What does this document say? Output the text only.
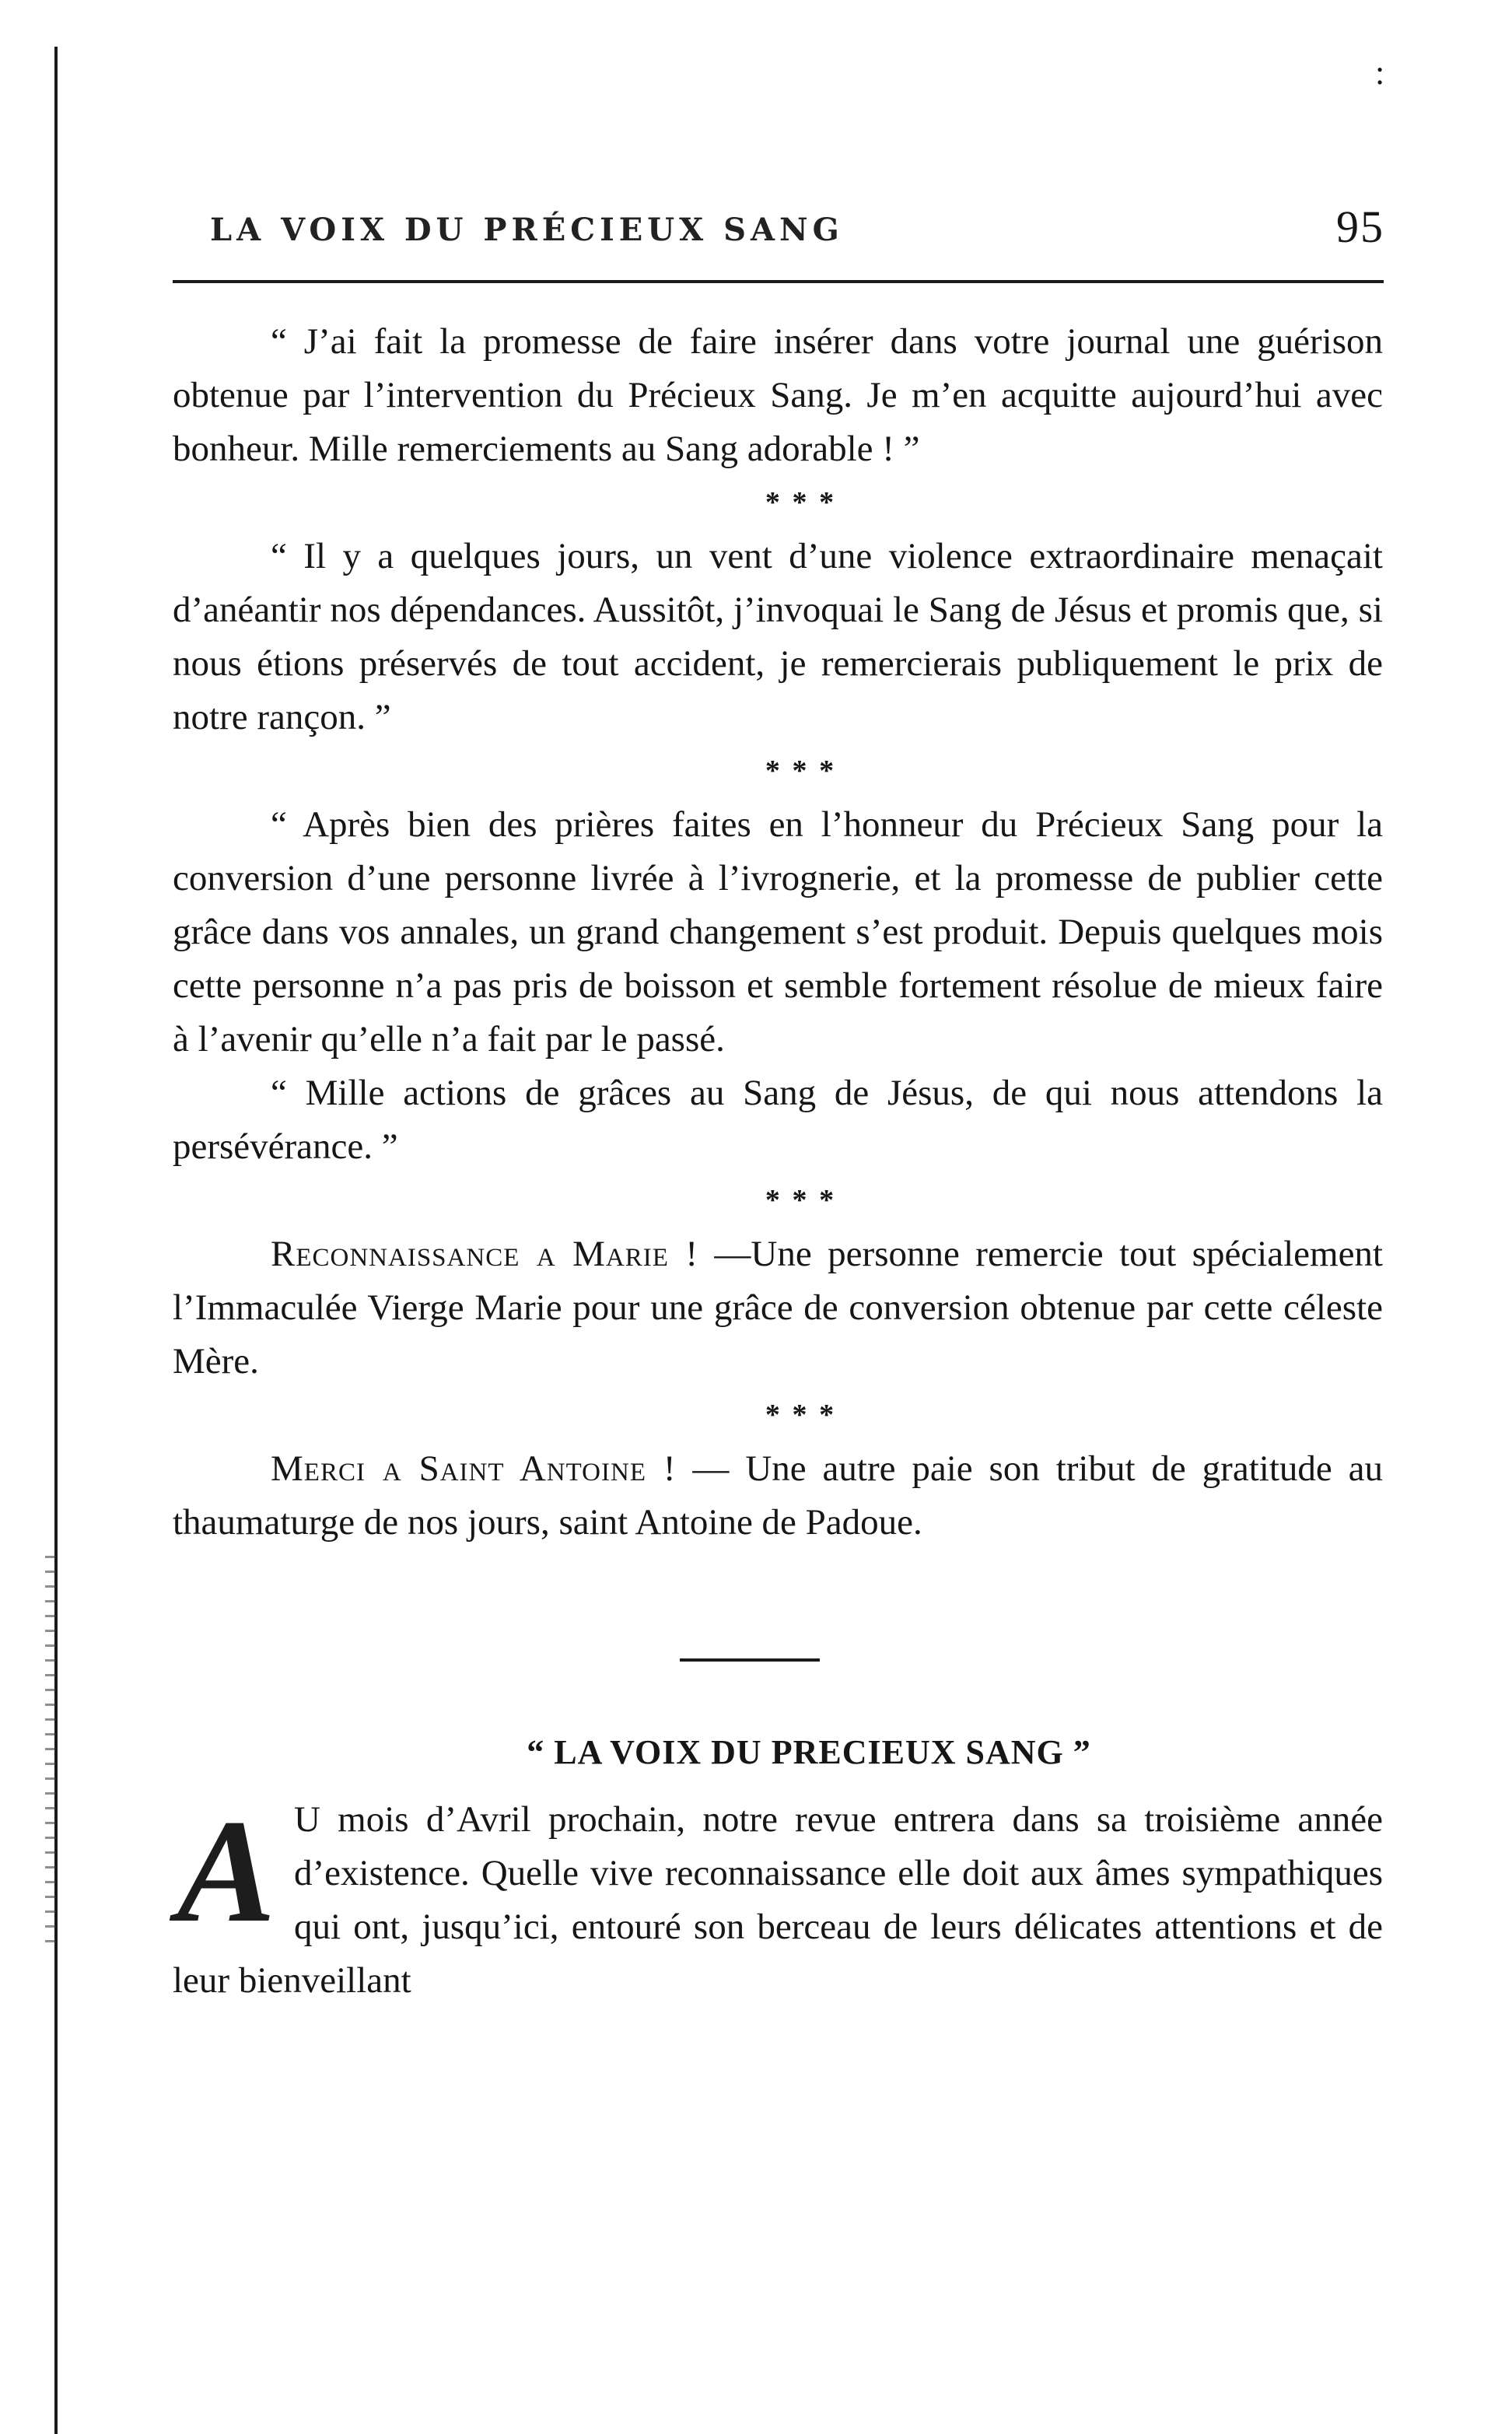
:
LA VOIX DU PRÉCIEUX SANG	95

“ J’ai fait la promesse de faire insérer dans votre journal une guérison obtenue par l’intervention du Précieux Sang. Je m’en acquitte aujourd’hui avec bonheur. Mille remerciements au Sang adorable ! ”

* * *

“ Il y a quelques jours, un vent d’une violence extraordinaire menaçait d’anéantir nos dépendances. Aussitôt, j’invoquai le Sang de Jésus et promis que, si nous étions préservés de tout accident, je remercierais publiquement le prix de notre rançon. ”

* * *

“ Après bien des prières faites en l’honneur du Précieux Sang pour la conversion d’une personne livrée à l’ivrognerie, et la promesse de publier cette grâce dans vos annales, un grand changement s’est produit. Depuis quelques mois cette personne n’a pas pris de boisson et semble fortement résolue de mieux faire à l’avenir qu’elle n’a fait par le passé.

“ Mille actions de grâces au Sang de Jésus, de qui nous attendons la persévérance. ”

* * *

Reconnaissance a Marie ! —Une personne remercie tout spécialement l’Immaculée Vierge Marie pour une grâce de conversion obtenue par cette céleste Mère.

* * *

Merci a Saint Antoine ! — Une autre paie son tribut de gratitude au thaumaturge de nos jours, saint Antoine de Padoue.

“ LA VOIX DU PRECIEUX SANG ”
A U mois d’Avril prochain, notre revue entrera dans sa troisième année d’existence. Quelle vive reconnaissance elle doit aux âmes sympathiques qui ont, jusqu’ici, entouré son berceau de leurs délicates attentions et de leur bienveillant
